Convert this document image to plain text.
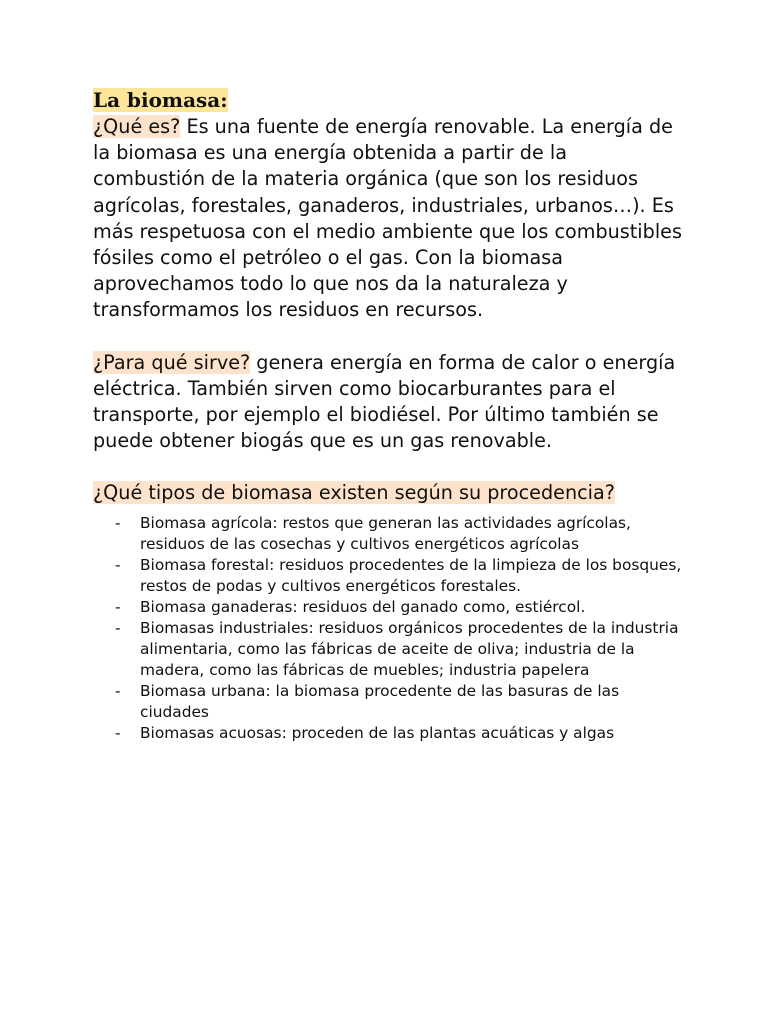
La biomasa:

¿Qué es? Es una fuente de energía renovable. La energía de la biomasa es una energía obtenida a partir de la combustión de la materia orgánica (que son los residuos agrícolas, forestales, ganaderos, industriales, urbanos…). Es más respetuosa con el medio ambiente que los combustibles fósiles como el petróleo o el gas. Con la biomasa aprovechamos todo lo que nos da la naturaleza y transformamos los residuos en recursos.

¿Para qué sirve? genera energía en forma de calor o energía eléctrica. También sirven como biocarburantes para el transporte, por ejemplo el biodiésel. Por último también se puede obtener biogás que es un gas renovable.

¿Qué tipos de biomasa existen según su procedencia?

- Biomasa agrícola: restos que generan las actividades agrícolas, residuos de las cosechas y cultivos energéticos agrícolas
- Biomasa forestal: residuos procedentes de la limpieza de los bosques, restos de podas y cultivos energéticos forestales.
- Biomasa ganaderas: residuos del ganado como, estiércol.
- Biomasas industriales: residuos orgánicos procedentes de la industria alimentaria, como las fábricas de aceite de oliva; industria de la madera, como las fábricas de muebles; industria papelera
- Biomasa urbana: la biomasa procedente de las basuras de las ciudades
- Biomasas acuosas: proceden de las plantas acuáticas y algas
